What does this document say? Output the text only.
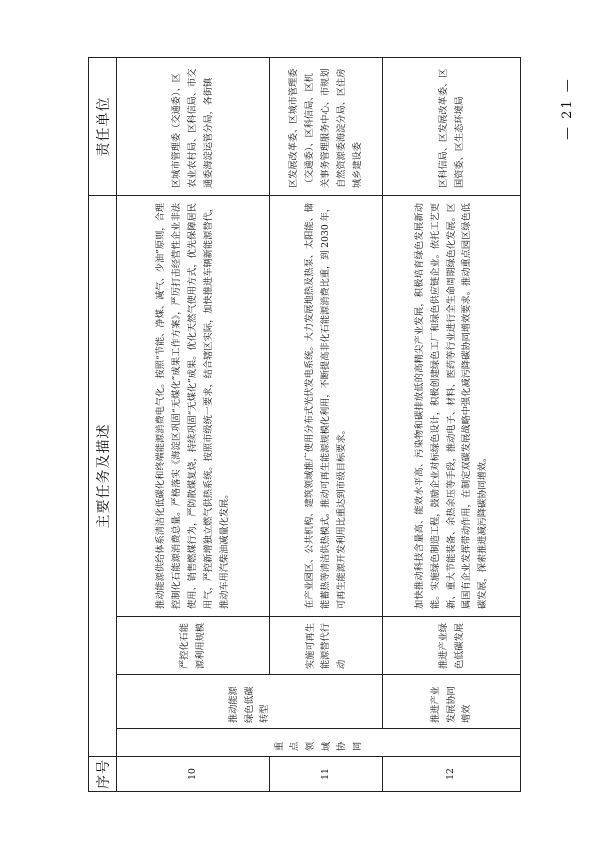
序号	主要任务及描述				责任单位
10	重点领域协同	推动能源绿色低碳转型	严控化石能源利用规模	推动能源供给体系清洁化低碳化和终端能源消费电气化。按照“节能、净煤、减气、少油”原则，合理控制化石能源消费总量。严格落实《海淀区巩固“无煤化”成果工作方案》，严厉打击经营性企业非法使用、销售燃煤行为，严防散煤复烧，持续巩固“无煤化”成果。优化天然气使用方式，优先保障居民用气，严控新增独立燃气供热系统。按照市级统一要求，结合辖区实际，加快推进车辆新能源替代，推动车用汽柴油减量化发展。	区城市管理委（交通委）、区农业农村局、区科信局、市交通委海淀运管分局，各街镇
11			实施可再生能源替代行动	在产业园区、公共机构、建筑领域推广使用分布式光伏发电系统。大力发展地热及热泵、太阳能、储能蓄热等清洁供热模式。推动可再生能源规模化利用，不断提高非化石能源消费比重，到 2030 年，可再生能源开发利用比重达到市级目标要求。	区发展改革委、区城市管理委（交通委）、区科信局、区机关事务管理服务中心、市规划自然资源委海淀分局、区住房城乡建设委
12		推进产业发展协同增效	推进产业绿色低碳发展	加快推动科技含量高、能效水平高、污染物和碳排放低的高精尖产业发展，积极培育绿色发展新动能。实施绿色制造工程，鼓励企业对标绿色设计，积极创建绿色工厂和绿色供应链企业。依托工艺更新、重大节能装备、余热余压等手段，推动电子、材料、医药等行业进行全生命周期绿色化发展。区属国有企业发挥带动作用，在制定双碳发展战略中强化减污降碳协同增效要求。推动重点园区绿色低碳发展，探索推进减污降碳协同增效。	区科信局、区发展改革委、区国资委、区生态环境局	— 21 —
